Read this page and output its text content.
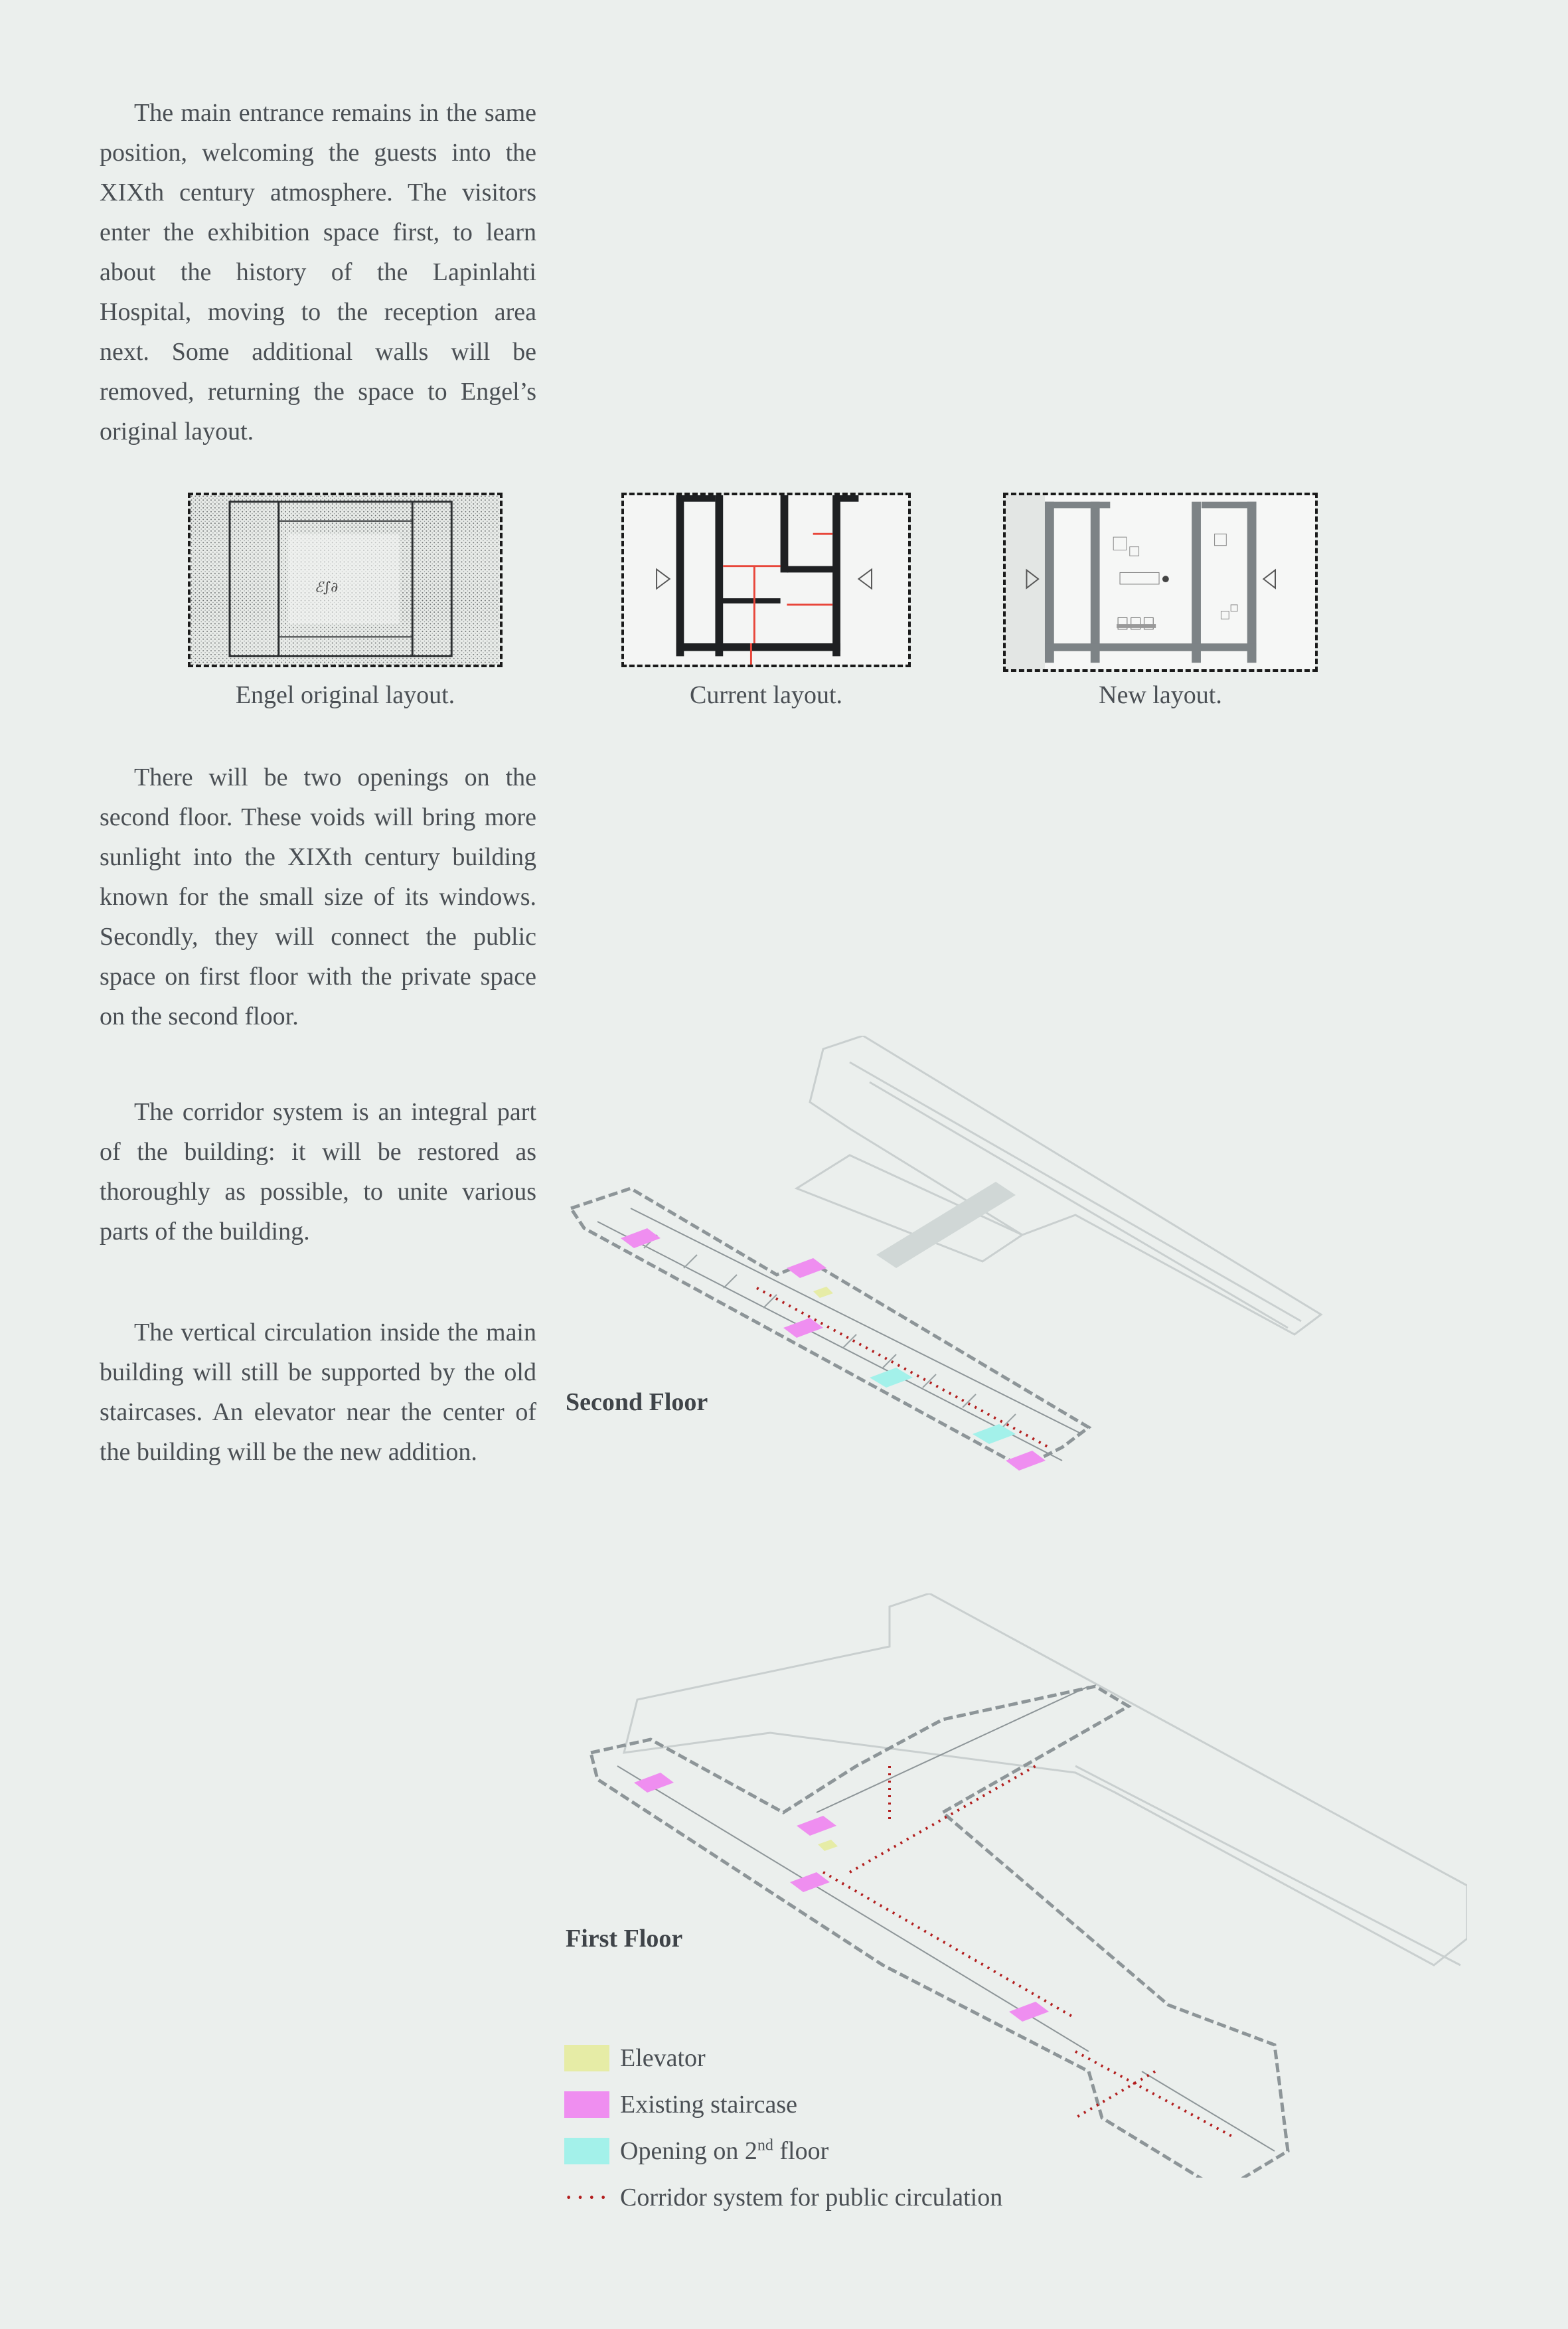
The main entrance remains in the same position, welcoming the guests into the XIXth century atmosphere. The visitors enter the exhibition space first, to learn about the history of the Lapinlahti Hospital, moving to the reception area next. Some additional walls will be removed, returning the space to Engel’s original layout.

ℰ∫∂
Engel original layout.	Current layout.	New layout.

There will be two openings on the second floor. These voids will bring more sunlight into the XIXth century building known for the small size of its windows. Secondly, they will connect the public space on first floor with the private space on the second floor.

The corridor system is an integral part of the building: it will be restored as thoroughly as possible, to unite various parts of the building.

The vertical circulation inside the main building will still be supported by the old staircases. An elevator near the center of the building will be the new addition.

Second Floor
First Floor
Elevator
Existing staircase
Opening on 2nd floor
···· Corridor system for public circulation
